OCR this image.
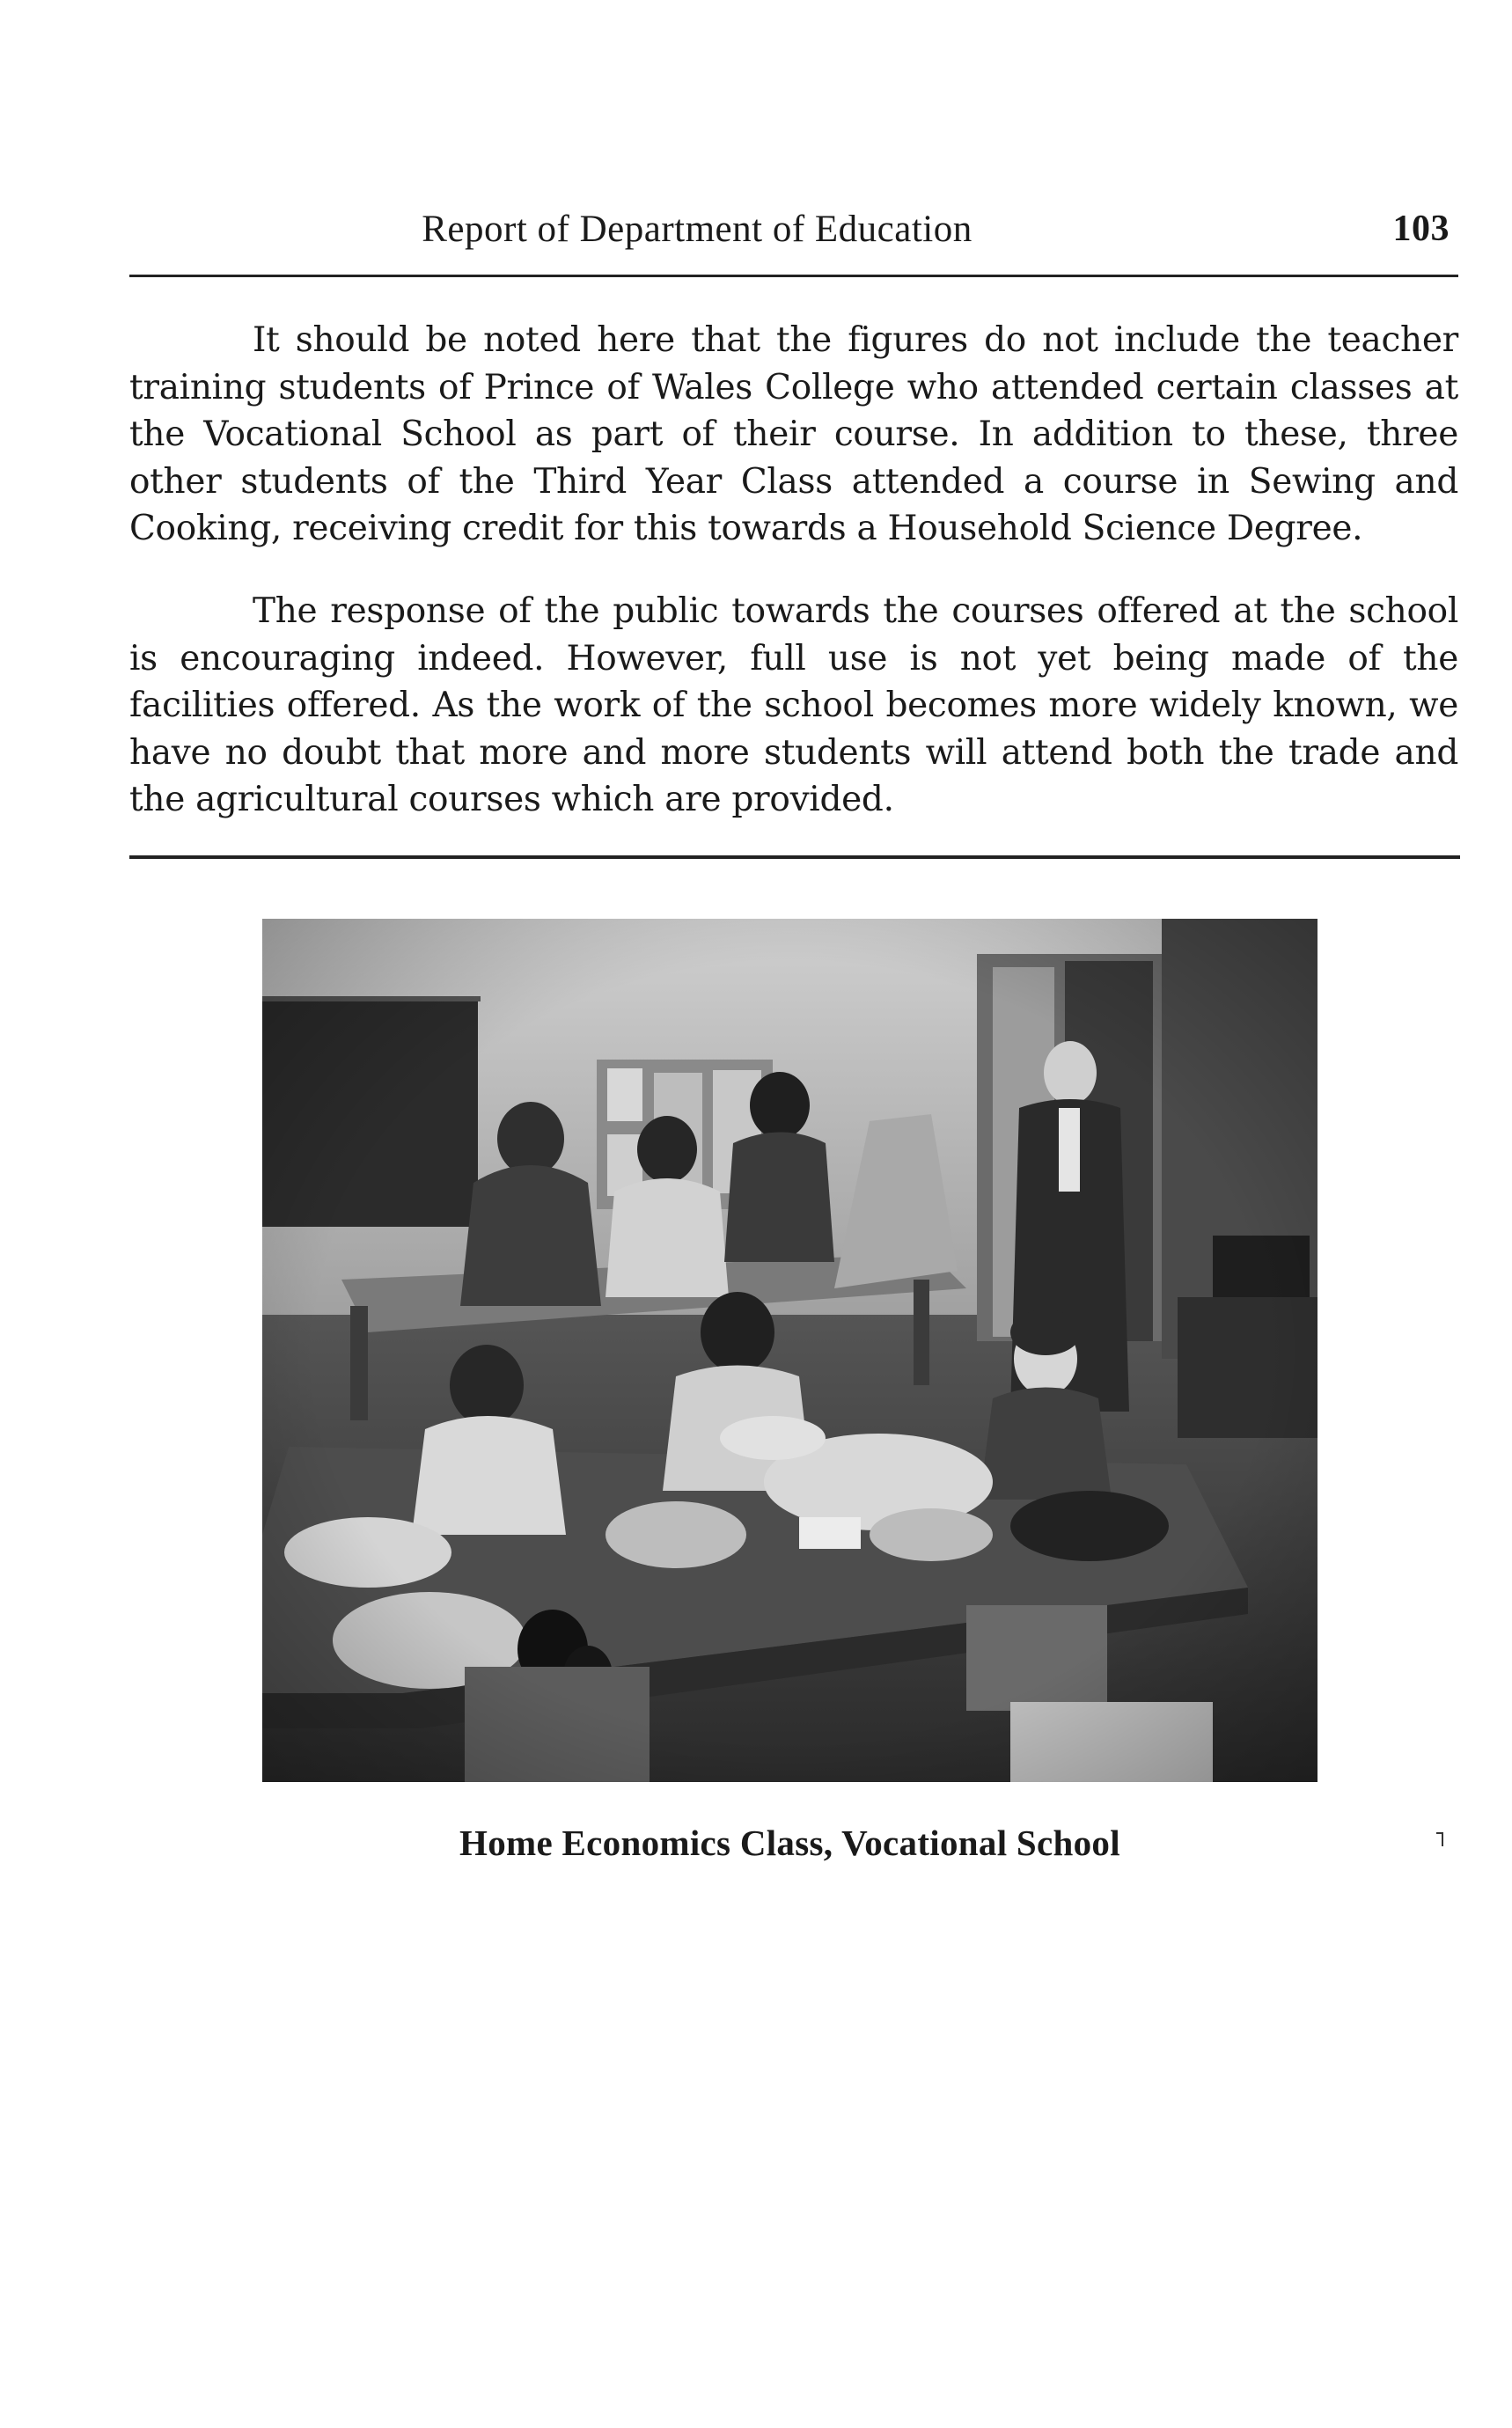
Report of Department of Education	103

It should be noted here that the figures do not include the teacher training students of Prince of Wales College who attended certain classes at the Vocational School as part of their course. In addition to these, three other students of the Third Year Class attended a course in Sewing and Cooking, receiving credit for this towards a Household Science Degree.

The response of the public towards the courses offered at the school is encouraging indeed. However, full use is not yet being made of the facilities offered. As the work of the school becomes more widely known, we have no doubt that more and more students will attend both the trade and the agricultural courses which are provided.

Home Economics Class, Vocational School
